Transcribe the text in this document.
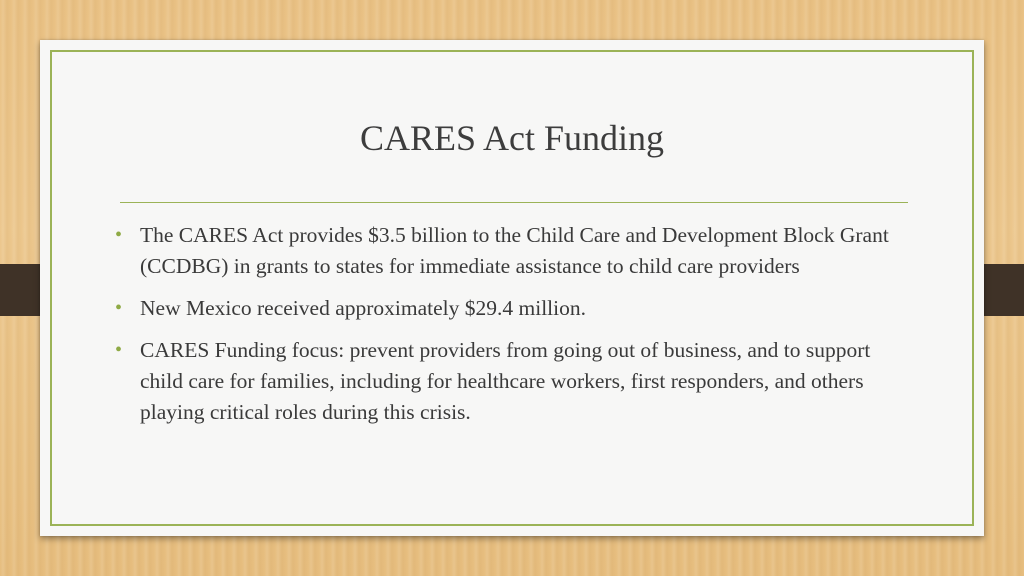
CARES Act Funding
• The CARES Act provides $3.5 billion to the Child Care and Development Block Grant (CCDBG) in grants to states for immediate assistance to child care providers
• New Mexico received approximately $29.4 million.
• CARES Funding focus: prevent providers from going out of business, and to support child care for families, including for healthcare workers, first responders, and others playing critical roles during this crisis.
